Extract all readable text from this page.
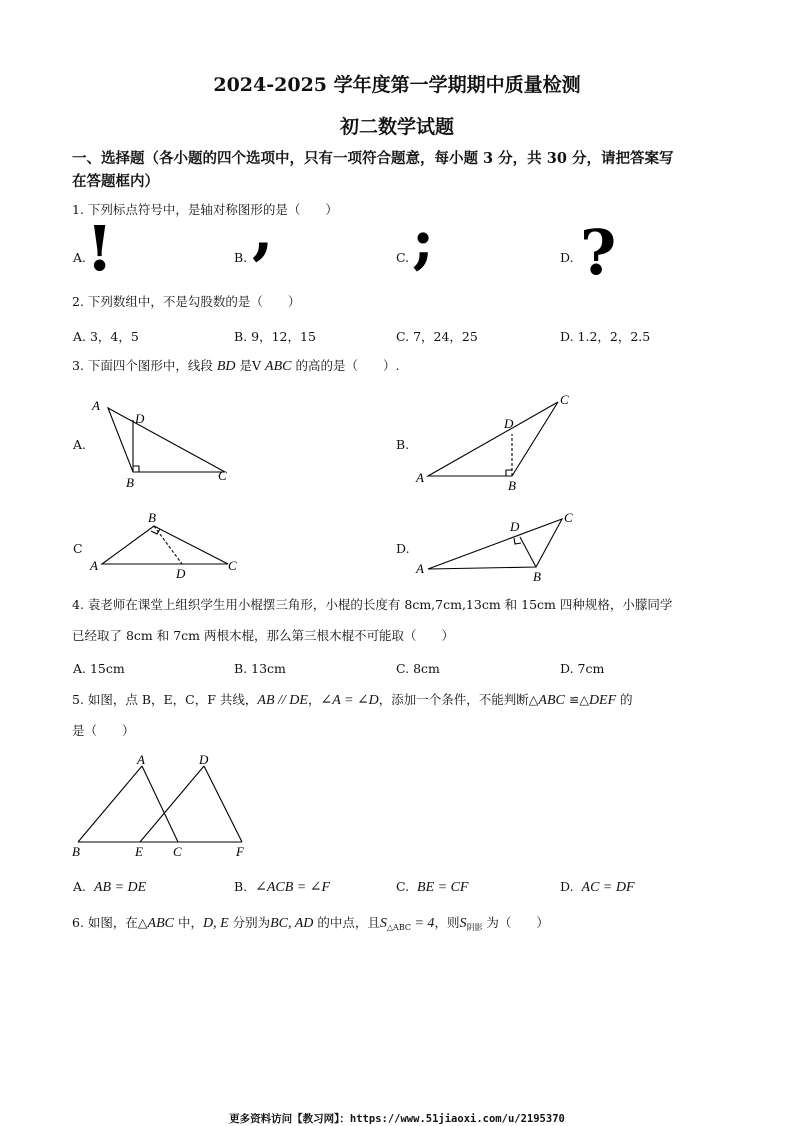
2024-2025 学年度第一学期期中质量检测
初二数学试题
一、选择题（各小题的四个选项中，只有一项符合题意，每小题 3 分，共 30 分，请把答案写
在答题框内）
1. 下列标点符号中，是轴对称图形的是（　　）
A. !	B. ,	C. ;	D. ?
2. 下列数组中，不是勾股数的是（　　）
A. 3，4，5	B. 9，12，15	C. 7，24，25	D. 1.2，2，2.5
3. 下面四个图形中，线段 BD 是V ABC 的高的是（　　）.
A.
A
D
B	C
B.
A
B
C
D
C
A
B
C
D
D.
A
B
C
D
4. 袁老师在课堂上组织学生用小棍摆三角形，小棍的长度有 8cm,7cm,13cm 和 15cm 四种规格，小朦同学
已经取了 8cm 和 7cm 两根木棍，那么第三根木棍不可能取（　　）
A. 15cm	B. 13cm	C. 8cm	D. 7cm
5. 如图，点 B，E，C，F 共线，AB // DE，∠A = ∠D，添加一个条件，不能判断△ABC ≌△DEF 的
是（　　）
A	D
B	E C	F
A. AB = DE	B. ∠ACB = ∠F	C. BE = CF	D. AC = DF
6. 如图，在△ABC 中，D, E 分别为BC, AD 的中点，且$S_{\triangle ABC} = 4$，则$S_{阴影}$ 为（　　）
更多资料访问【教习网】：https://www.51jiaoxi.com/u/2195370
